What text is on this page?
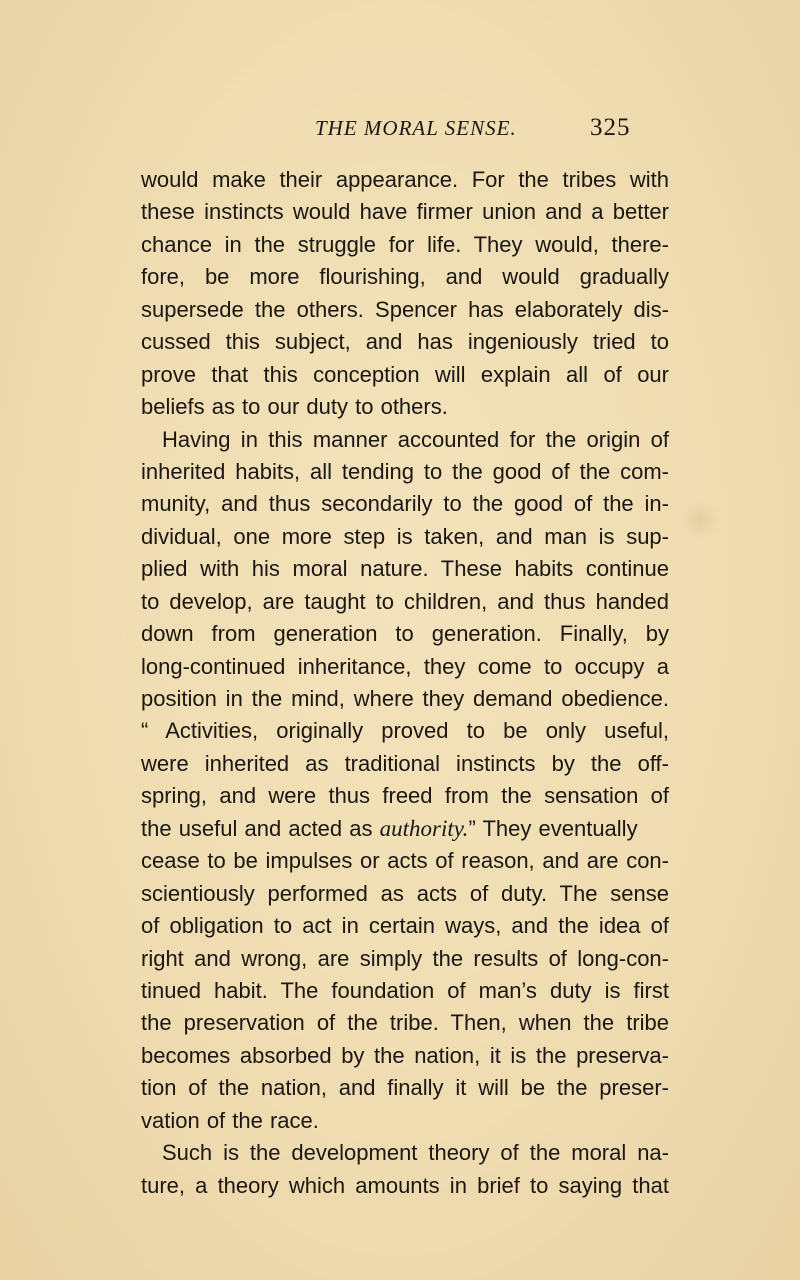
THE MORAL SENSE.	325
would make their appearance. For the tribes with
these instincts would have firmer union and a better
chance in the struggle for life. They would, there-
fore, be more flourishing, and would gradually
supersede the others. Spencer has elaborately dis-
cussed this subject, and has ingeniously tried to
prove that this conception will explain all of our
beliefs as to our duty to others.
Having in this manner accounted for the origin of
inherited habits, all tending to the good of the com-
munity, and thus secondarily to the good of the in-
dividual, one more step is taken, and man is sup-
plied with his moral nature. These habits continue
to develop, are taught to children, and thus handed
down from generation to generation. Finally, by
long-continued inheritance, they come to occupy a
position in the mind, where they demand obedience.
“ Activities, originally proved to be only useful,
were inherited as traditional instincts by the off-
spring, and were thus freed from the sensation of
the useful and acted as authority.” They eventually
cease to be impulses or acts of reason, and are con-
scientiously performed as acts of duty. The sense
of obligation to act in certain ways, and the idea of
right and wrong, are simply the results of long-con-
tinued habit. The foundation of man’s duty is first
the preservation of the tribe. Then, when the tribe
becomes absorbed by the nation, it is the preserva-
tion of the nation, and finally it will be the preser-
vation of the race.
Such is the development theory of the moral na-
ture, a theory which amounts in brief to saying that
